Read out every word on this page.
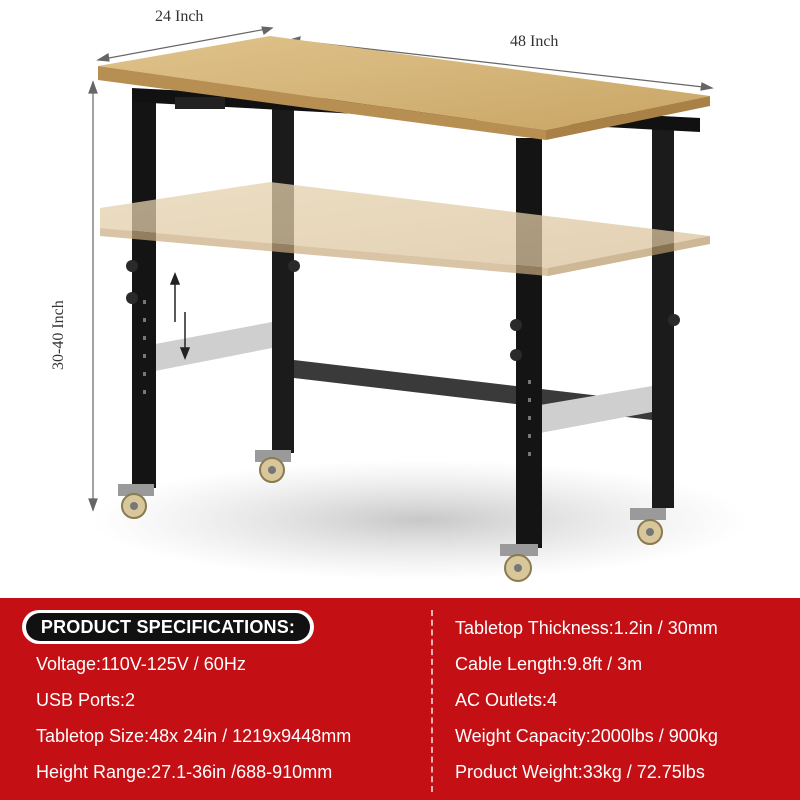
24 Inch
48 Inch
30-40 Inch
PRODUCT SPECIFICATIONS:
Voltage:110V-125V / 60Hz
USB Ports:2
Tabletop Size:48x 24in / 1219x9448mm
Height Range:27.1-36in /688-910mm
Tabletop Thickness:1.2in / 30mm
Cable Length:9.8ft / 3m
AC Outlets:4
Weight Capacity:2000lbs / 900kg
Product Weight:33kg / 72.75lbs
